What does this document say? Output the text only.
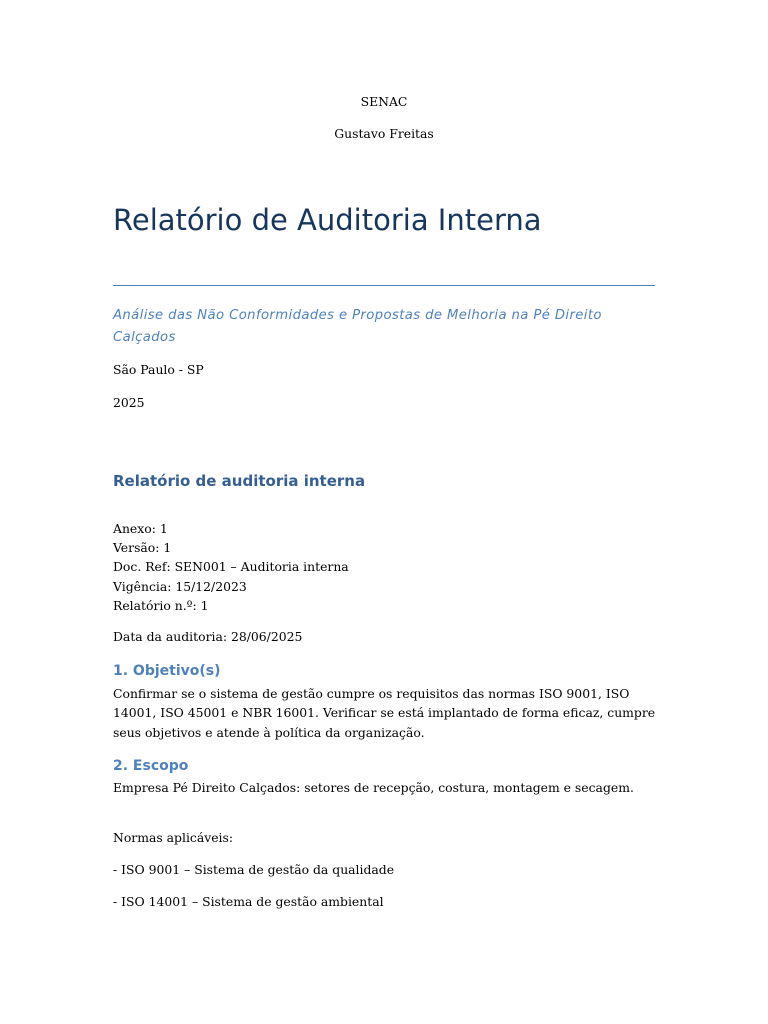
SENAC
Gustavo Freitas
Relatório de Auditoria Interna
Análise das Não Conformidades e Propostas de Melhoria na Pé Direito Calçados
São Paulo - SP
2025
Relatório de auditoria interna
Anexo: 1
Versão: 1
Doc. Ref: SEN001 – Auditoria interna
Vigência: 15/12/2023
Relatório n.º: 1
Data da auditoria: 28/06/2025
1. Objetivo(s)
Confirmar se o sistema de gestão cumpre os requisitos das normas ISO 9001, ISO 14001, ISO 45001 e NBR 16001. Verificar se está implantado de forma eficaz, cumpre seus objetivos e atende à política da organização.
2. Escopo
Empresa Pé Direito Calçados: setores de recepção, costura, montagem e secagem.
Normas aplicáveis:
- ISO 9001 – Sistema de gestão da qualidade
- ISO 14001 – Sistema de gestão ambiental
